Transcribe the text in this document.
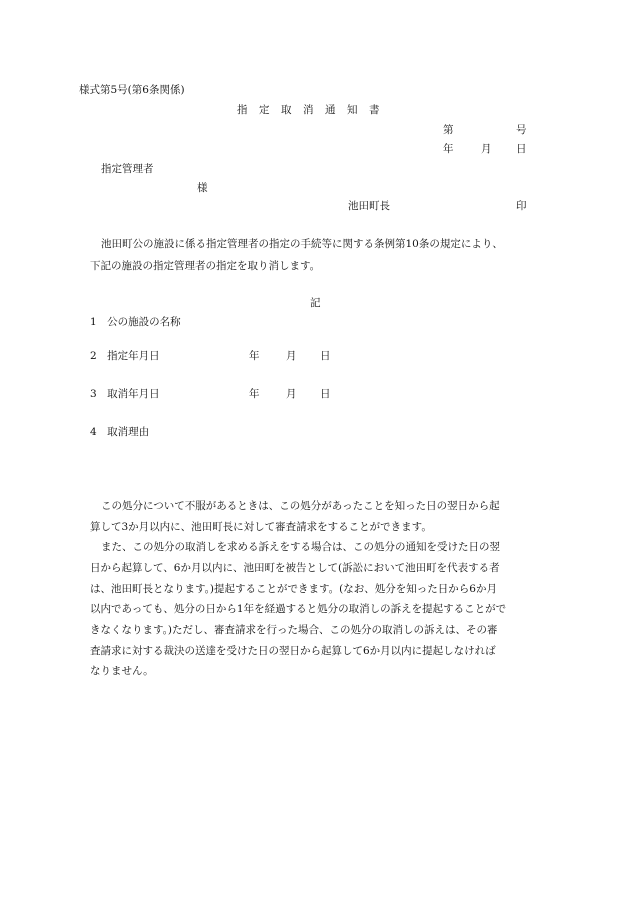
様式第5号(第6条関係)
指　定　取　消　通　知　書
第	号
年	月 日
指定管理者
様
池田町長	印
池田町公の施設に係る指定管理者の指定の手続等に関する条例第10条の規定により、
下記の施設の指定管理者の指定を取り消します。
記
1　公の施設の名称
2　指定年月日	年	月 日
3　取消年月日	年	月 日
4　取消理由
この処分について不服があるときは、この処分があったことを知った日の翌日から起
算して3か月以内に、池田町長に対して審査請求をすることができます。
また、この処分の取消しを求める訴えをする場合は、この処分の通知を受けた日の翌
日から起算して、6か月以内に、池田町を被告として(訴訟において池田町を代表する者
は、池田町長となります。)提起することができます。(なお、処分を知った日から6か月
以内であっても、処分の日から1年を経過すると処分の取消しの訴えを提起することがで
きなくなります。)ただし、審査請求を行った場合、この処分の取消しの訴えは、その審
査請求に対する裁決の送達を受けた日の翌日から起算して6か月以内に提起しなければ
なりません。
